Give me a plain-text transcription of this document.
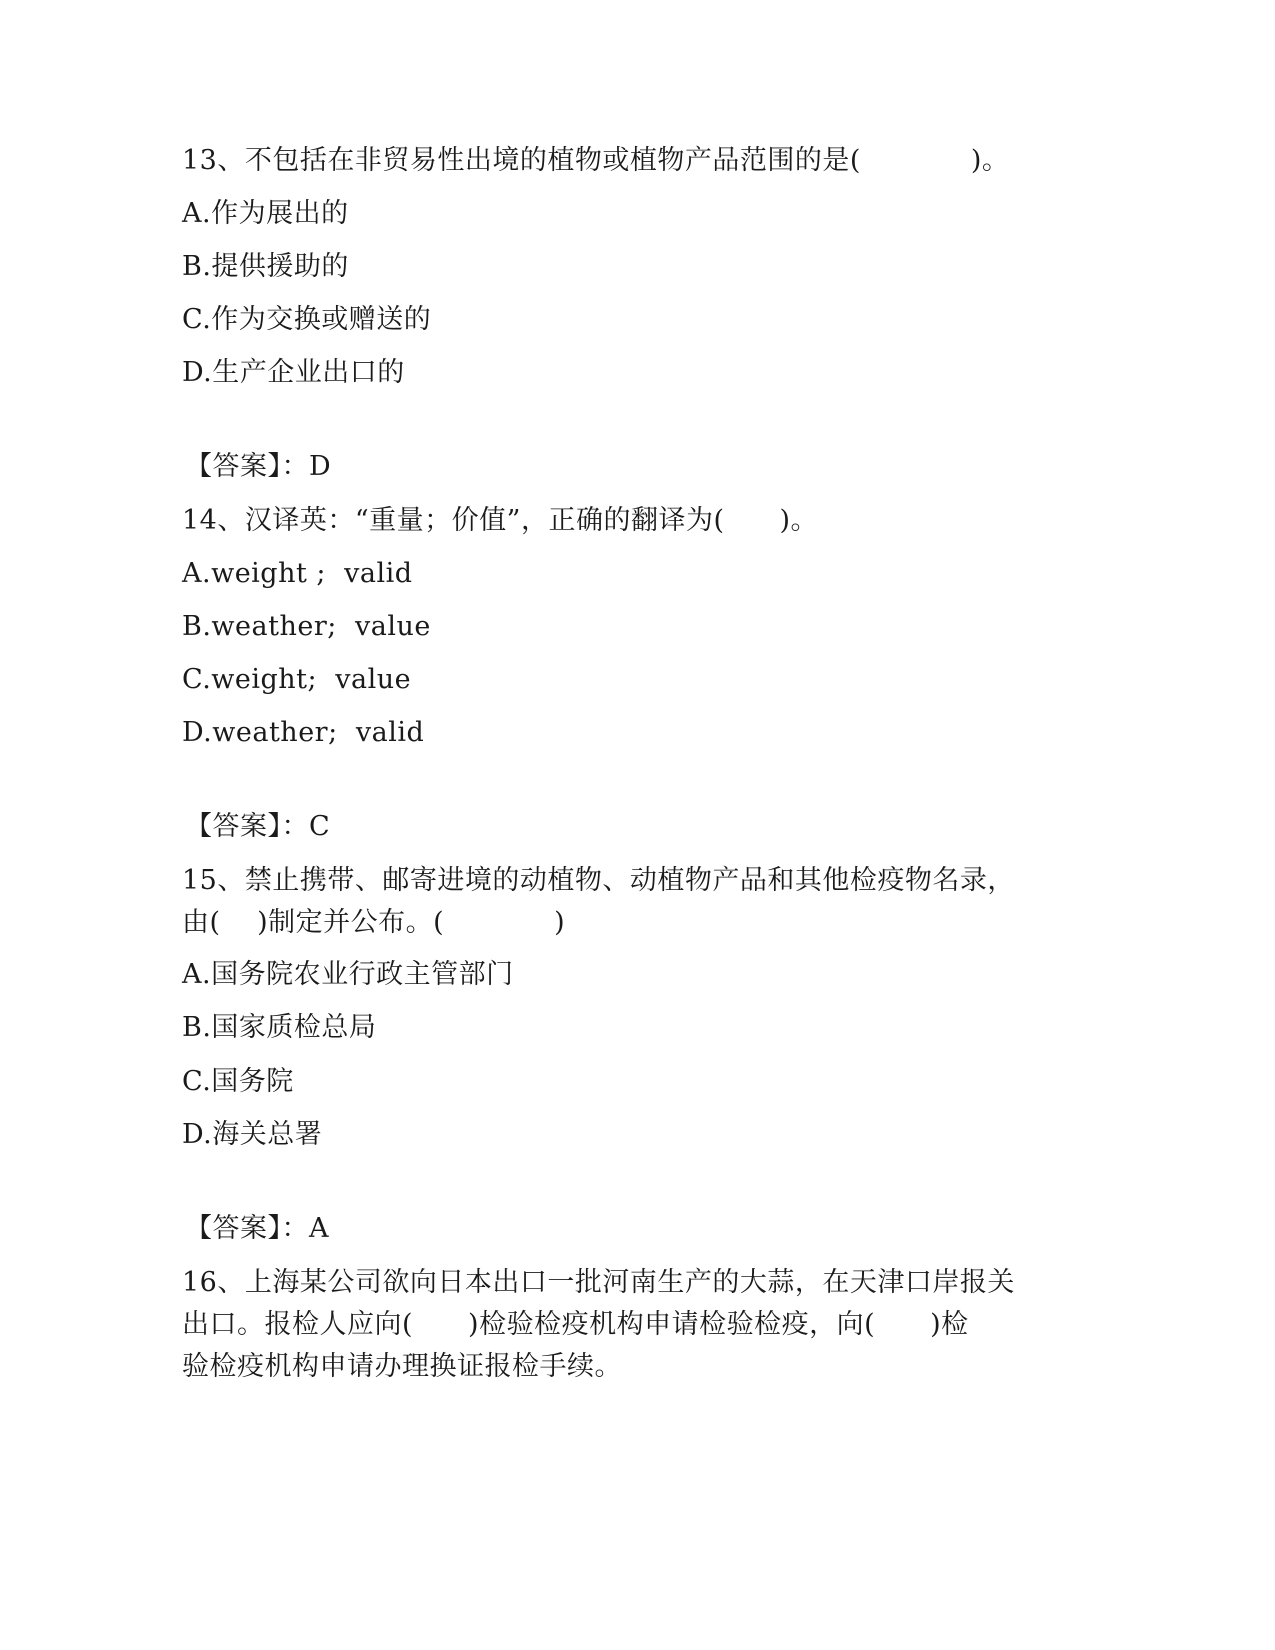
13、不包括在非贸易性出境的植物或植物产品范围的是(　　　　)。
A.作为展出的
B.提供援助的
C.作为交换或赠送的
D.生产企业出口的
【答案】：D
14、汉译英：“重量；价值”，正确的翻译为(　　)。
A.weight ;  valid
B.weather;  value
C.weight;  value
D.weather;  valid
【答案】：C
15、禁止携带、邮寄进境的动植物、动植物产品和其他检疫物名录，
由(　 )制定并公布。(　　　　)
A.国务院农业行政主管部门
B.国家质检总局
C.国务院
D.海关总署
【答案】：A
16、上海某公司欲向日本出口一批河南生产的大蒜，在天津口岸报关
出口。报检人应向(　　)检验检疫机构申请检验检疫，向(　　)检
验检疫机构申请办理换证报检手续。
